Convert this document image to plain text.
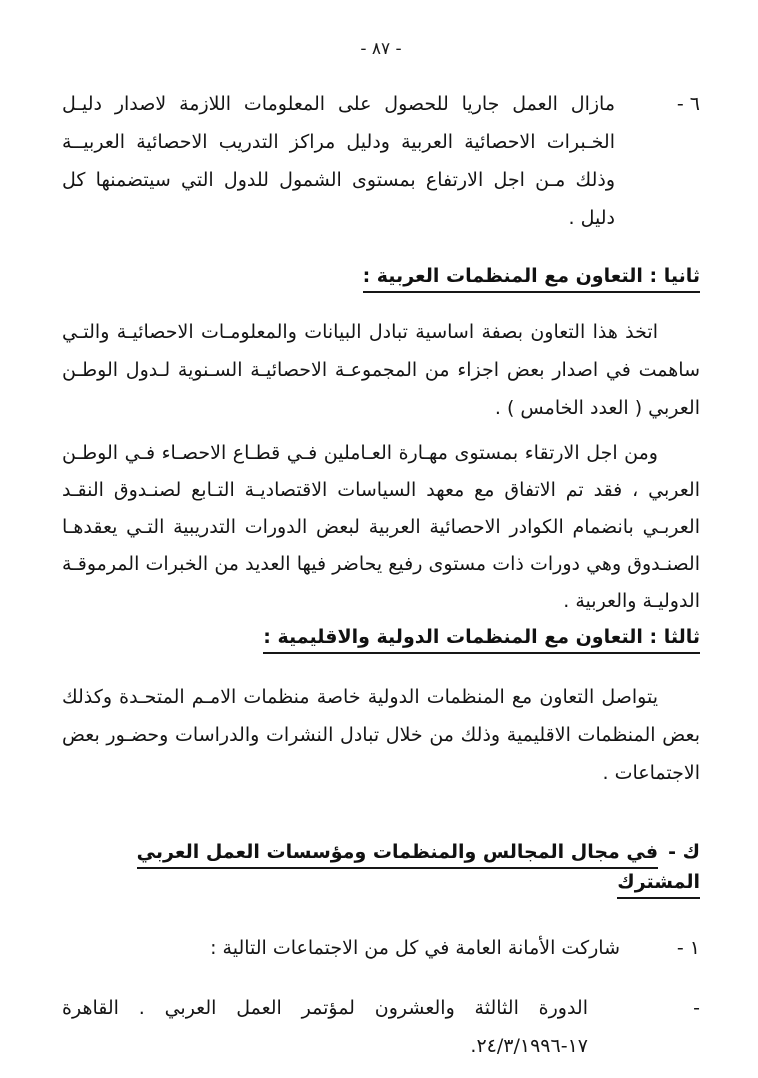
- ٨٧ -
٦ -

مازال العمل جاريا للحصول على المعلومات اللازمة لاصدار دليـل الخـبرات الاحصائية العربية ودليل مراكز التدريب الاحصائية العربيــة وذلك مـن اجل الارتفاع بمستوى الشمول للدول التي سيتضمنها كل دليل .

ثانيا : التعاون مع المنظمات العربية :

اتخذ هذا التعاون بصفة اساسية تبادل البيانات والمعلومـات الاحصائيـة والتـي ساهمت في اصدار بعض اجزاء من المجموعـة الاحصائيـة السـنوية لـدول الوطـن العربي ( العدد الخامس ) .

ومن اجل الارتقاء بمستوى مهـارة العـاملين فـي قطـاع الاحصـاء فـي الوطـن العربي ، فقد تم الاتفاق مع معهد السياسات الاقتصاديـة التـابع لصنـدوق النقـد العربـي بانضمام الكوادر الاحصائية العربية لبعض الدورات التدريبية التـي يعقدهـا الصنـدوق وهي دورات ذات مستوى رفيع يحاضر فيها العديد من الخبرات المرموقـة الدوليـة والعربية .

ثالثا : التعاون مع المنظمات الدولية والاقليمية :

يتواصل التعاون مع المنظمات الدولية خاصة منظمات الامـم المتحـدة وكذلك بعض المنظمات الاقليمية وذلك من خلال تبادل النشرات والدراسات وحضـور بعض الاجتماعات .

ك -في مجال المجالس والمنظمات ومؤسسات العمل العربي المشترك
١ -

شاركت الأمانة العامة في كل من الاجتماعات التالية :

-

الدورة الثالثة والعشرون لمؤتمر العمل العربي . القاهرة ١٧-٢٤/٣/١٩٩٦.
